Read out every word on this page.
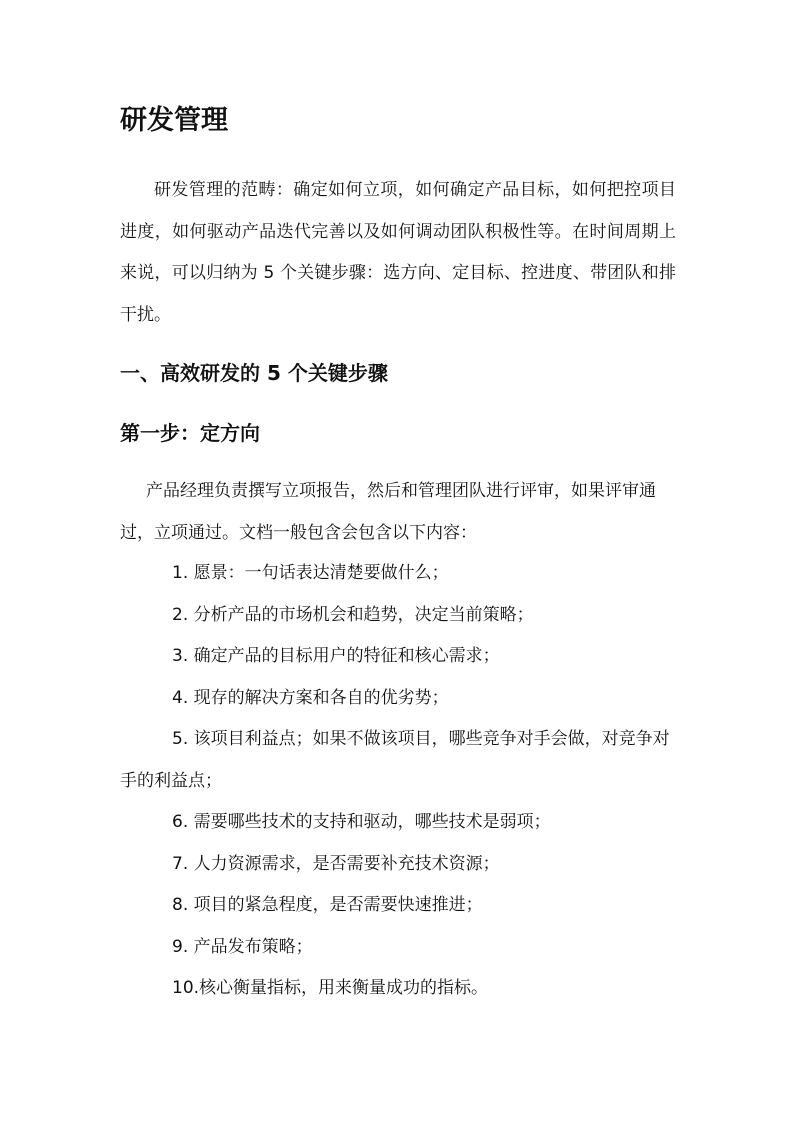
研发管理

研发管理的范畴：确定如何立项，如何确定产品目标，如何把控项目进度，如何驱动产品迭代完善以及如何调动团队积极性等。在时间周期上来说，可以归纳为 5 个关键步骤：选方向、定目标、控进度、带团队和排干扰。

一、高效研发的 5 个关键步骤
第一步：定方向

产品经理负责撰写立项报告，然后和管理团队进行评审，如果评审通过，立项通过。文档一般包含会包含以下内容：

1. 愿景：一句话表达清楚要做什么；
2. 分析产品的市场机会和趋势，决定当前策略；
3. 确定产品的目标用户的特征和核心需求；
4. 现存的解决方案和各自的优劣势；
5. 该项目利益点；如果不做该项目，哪些竞争对手会做，对竞争对手的利益点；
6. 需要哪些技术的支持和驱动，哪些技术是弱项；
7. 人力资源需求，是否需要补充技术资源；
8. 项目的紧急程度，是否需要快速推进；
9. 产品发布策略；
10.核心衡量指标，用来衡量成功的指标。
